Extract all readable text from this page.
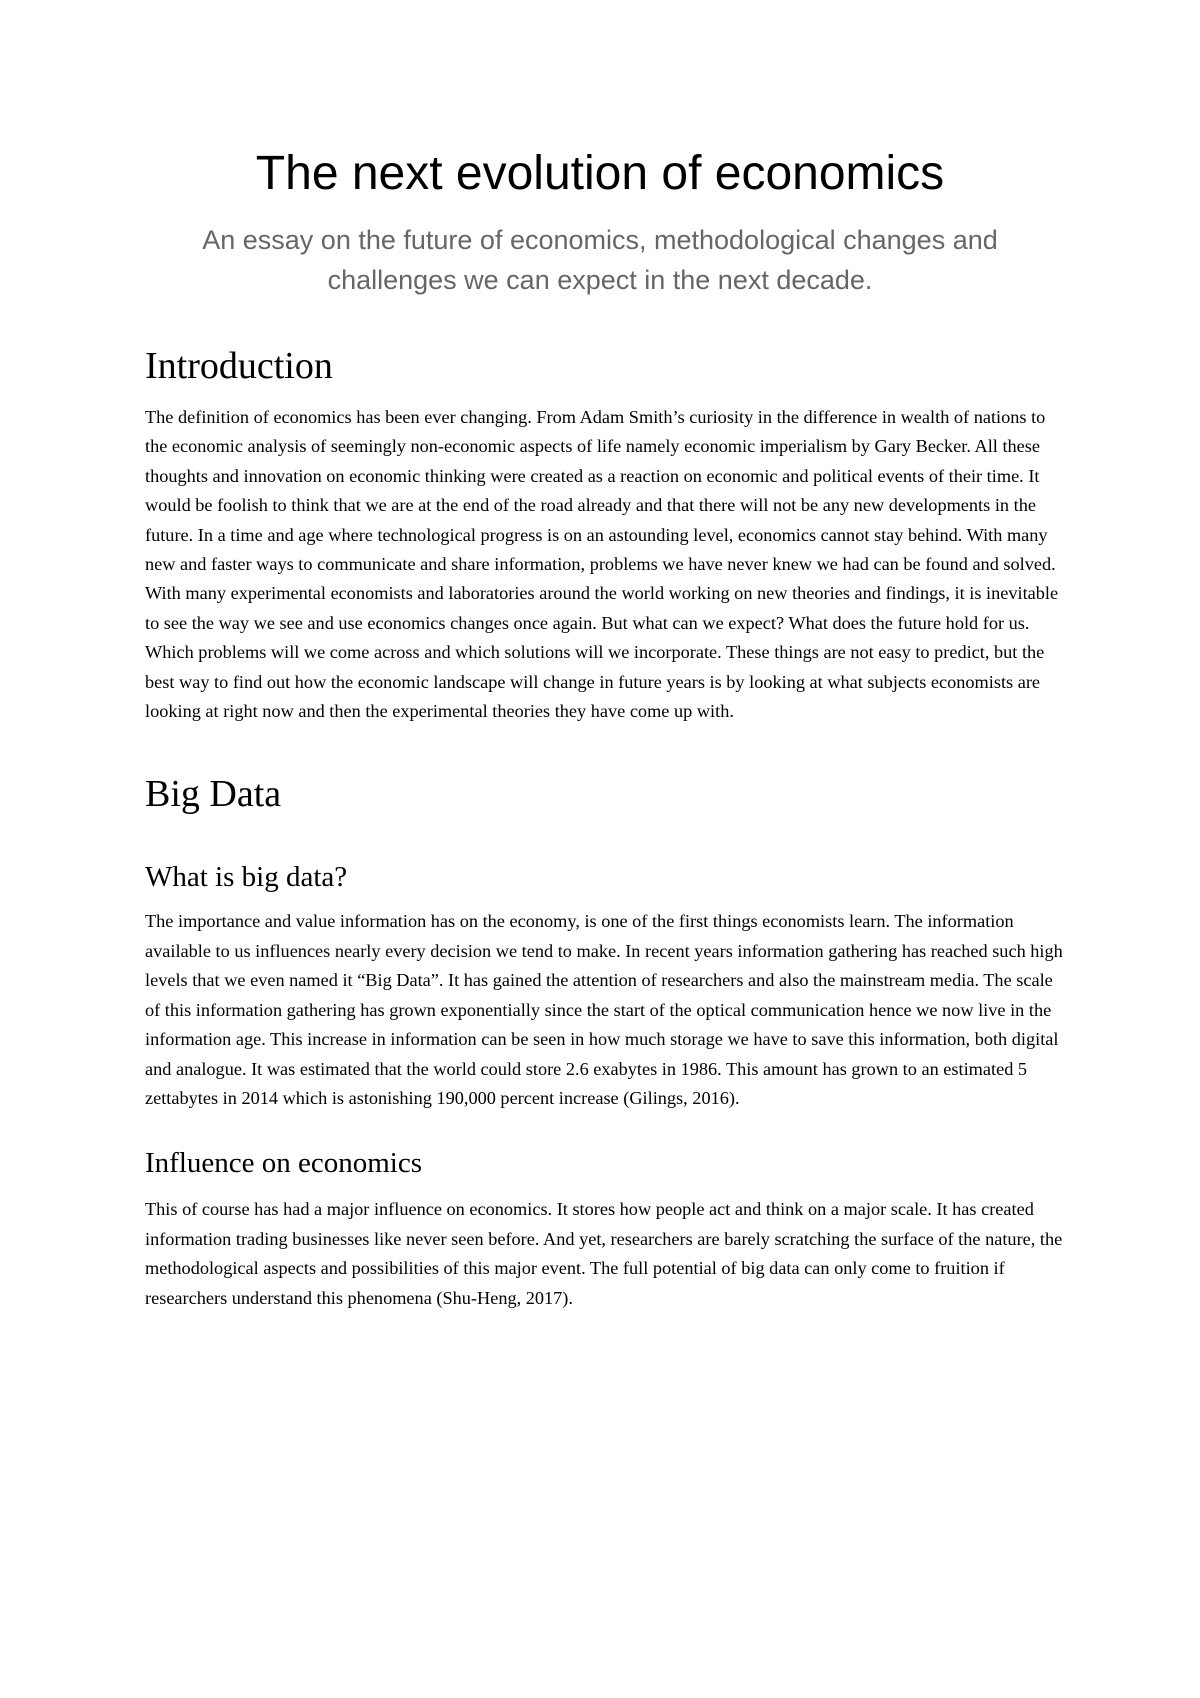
The next evolution of economics

An essay on the future of economics, methodological changes and challenges we can expect in the next decade.

Introduction

The definition of economics has been ever changing. From Adam Smith’s curiosity in the difference in wealth of nations to the economic analysis of seemingly non-economic aspects of life namely economic imperialism by Gary Becker. All these thoughts and innovation on economic thinking were created as a reaction on economic and political events of their time. It would be foolish to think that we are at the end of the road already and that there will not be any new developments in the future. In a time and age where technological progress is on an astounding level, economics cannot stay behind. With many new and faster ways to communicate and share information, problems we have never knew we had can be found and solved. With many experimental economists and laboratories around the world working on new theories and findings, it is inevitable to see the way we see and use economics changes once again. But what can we expect? What does the future hold for us. Which problems will we come across and which solutions will we incorporate. These things are not easy to predict, but the best way to find out how the economic landscape will change in future years is by looking at what subjects economists are looking at right now and then the experimental theories they have come up with.

Big Data
What is big data?

The importance and value information has on the economy, is one of the first things economists learn. The information available to us influences nearly every decision we tend to make. In recent years information gathering has reached such high levels that we even named it “Big Data”. It has gained the attention of researchers and also the mainstream media. The scale of this information gathering has grown exponentially since the start of the optical communication hence we now live in the information age. This increase in information can be seen in how much storage we have to save this information, both digital and analogue. It was estimated that the world could store 2.6 exabytes in 1986. This amount has grown to an estimated 5 zettabytes in 2014 which is astonishing 190,000 percent increase (Gilings, 2016).

Influence on economics

This of course has had a major influence on economics. It stores how people act and think on a major scale. It has created information trading businesses like never seen before. And yet, researchers are barely scratching the surface of the nature, the methodological aspects and possibilities of this major event. The full potential of big data can only come to fruition if researchers understand this phenomena (Shu-Heng, 2017).
